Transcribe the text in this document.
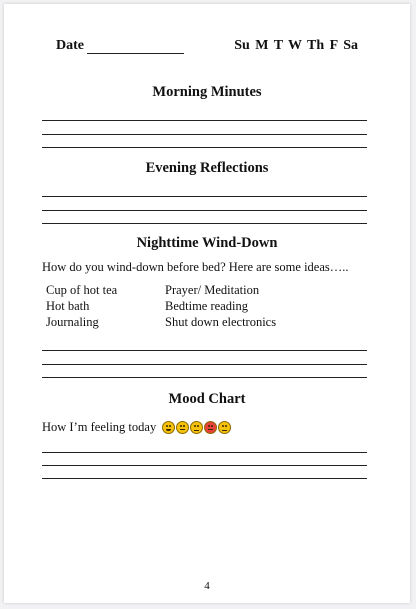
Date	Su M T W Th F Sa
Morning Minutes
Evening Reflections
Nighttime Wind-Down
How do you wind-down before bed? Here are some ideas…..
Cup of hot tea
Hot bath
Journaling
Prayer/ Meditation
Bedtime reading
Shut down electronics
Mood Chart
How I’m feeling today
4
